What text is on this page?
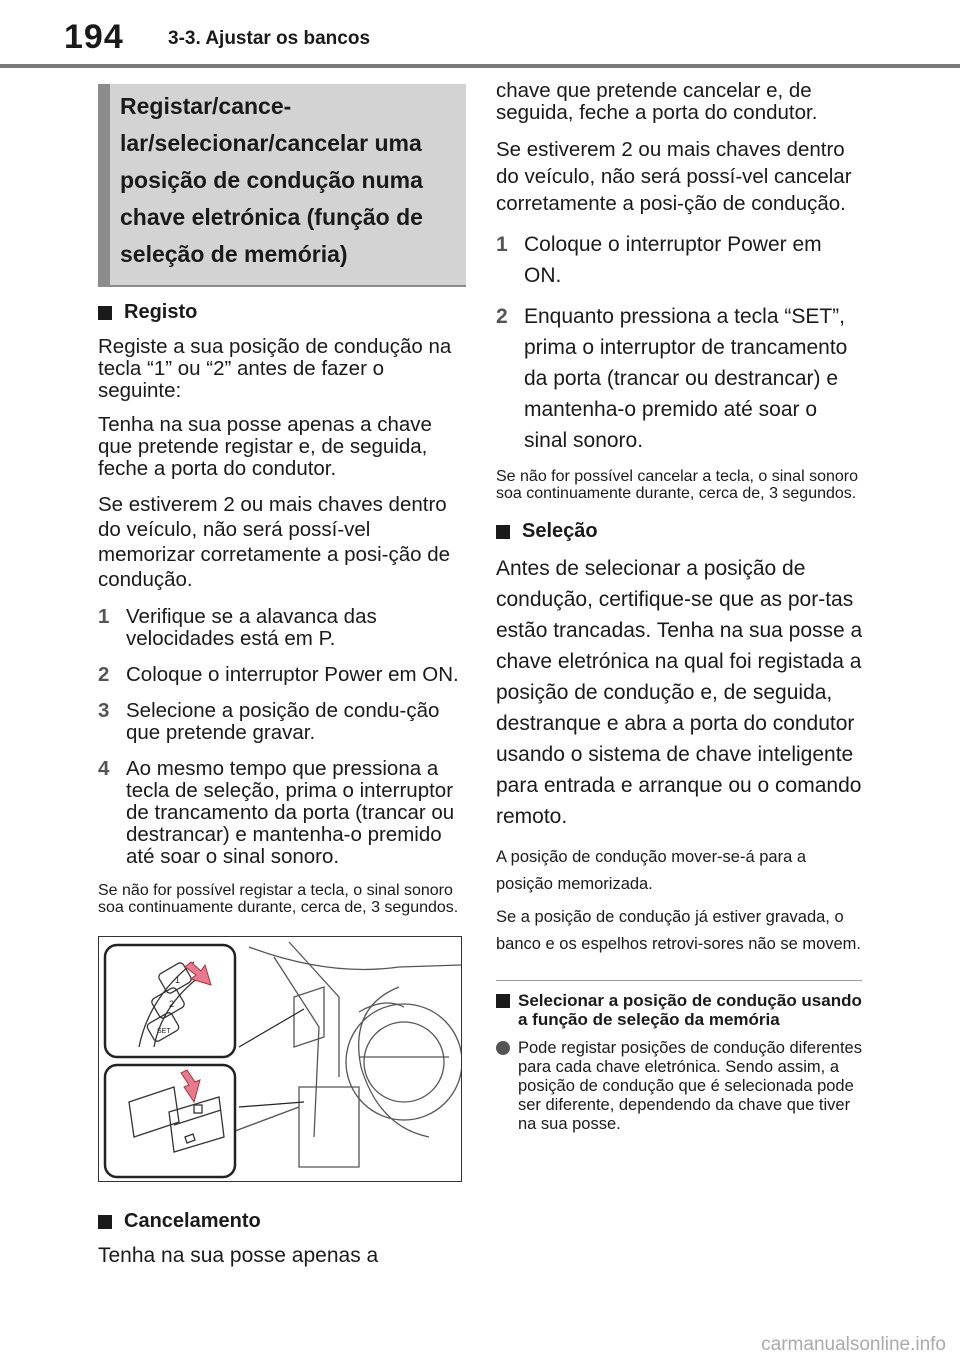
194 3-3. Ajustar os bancos
Registar/cance-lar/selecionar/cancelar uma posição de condução numa chave eletrónica (função de seleção de memória)
Registo

Registe a sua posição de condução na tecla “1” ou “2” antes de fazer o seguinte:

Tenha na sua posse apenas a chave que pretende registar e, de seguida, feche a porta do condutor.

Se estiverem 2 ou mais chaves dentro do veículo, não será possí-vel memorizar corretamente a posi-ção de condução.

1 Verifique se a alavanca das velocidades está em P.
2 Coloque o interruptor Power em ON.
3 Selecione a posição de condu-ção que pretende gravar.
4 Ao mesmo tempo que pressiona a tecla de seleção, prima o interruptor de trancamento da porta (trancar ou destrancar) e mantenha-o premido até soar o sinal sonoro.

Se não for possível registar a tecla, o sinal sonoro soa continuamente durante, cerca de, 3 segundos.

1
2
SET
Cancelamento

Tenha na sua posse apenas a

chave que pretende cancelar e, de seguida, feche a porta do condutor.

Se estiverem 2 ou mais chaves dentro do veículo, não será possí-vel cancelar corretamente a posi-ção de condução.

1 Coloque o interruptor Power em ON.
2 Enquanto pressiona a tecla “SET”, prima o interruptor de trancamento da porta (trancar ou destrancar) e mantenha-o premido até soar o sinal sonoro.

Se não for possível cancelar a tecla, o sinal sonoro soa continuamente durante, cerca de, 3 segundos.

Seleção

Antes de selecionar a posição de condução, certifique-se que as por-tas estão trancadas. Tenha na sua posse a chave eletrónica na qual foi registada a posição de condução e, de seguida, destranque e abra a porta do condutor usando o sistema de chave inteligente para entrada e arranque ou o comando remoto.

A posição de condução mover-se-á para a posição memorizada.

Se a posição de condução já estiver gravada, o banco e os espelhos retrovi-sores não se movem.

Selecionar a posição de condução usando a função de seleção da memória
Pode registar posições de condução diferentes para cada chave eletrónica. Sendo assim, a posição de condução que é selecionada pode ser diferente, dependendo da chave que tiver na sua posse.
carmanualsonline.info
